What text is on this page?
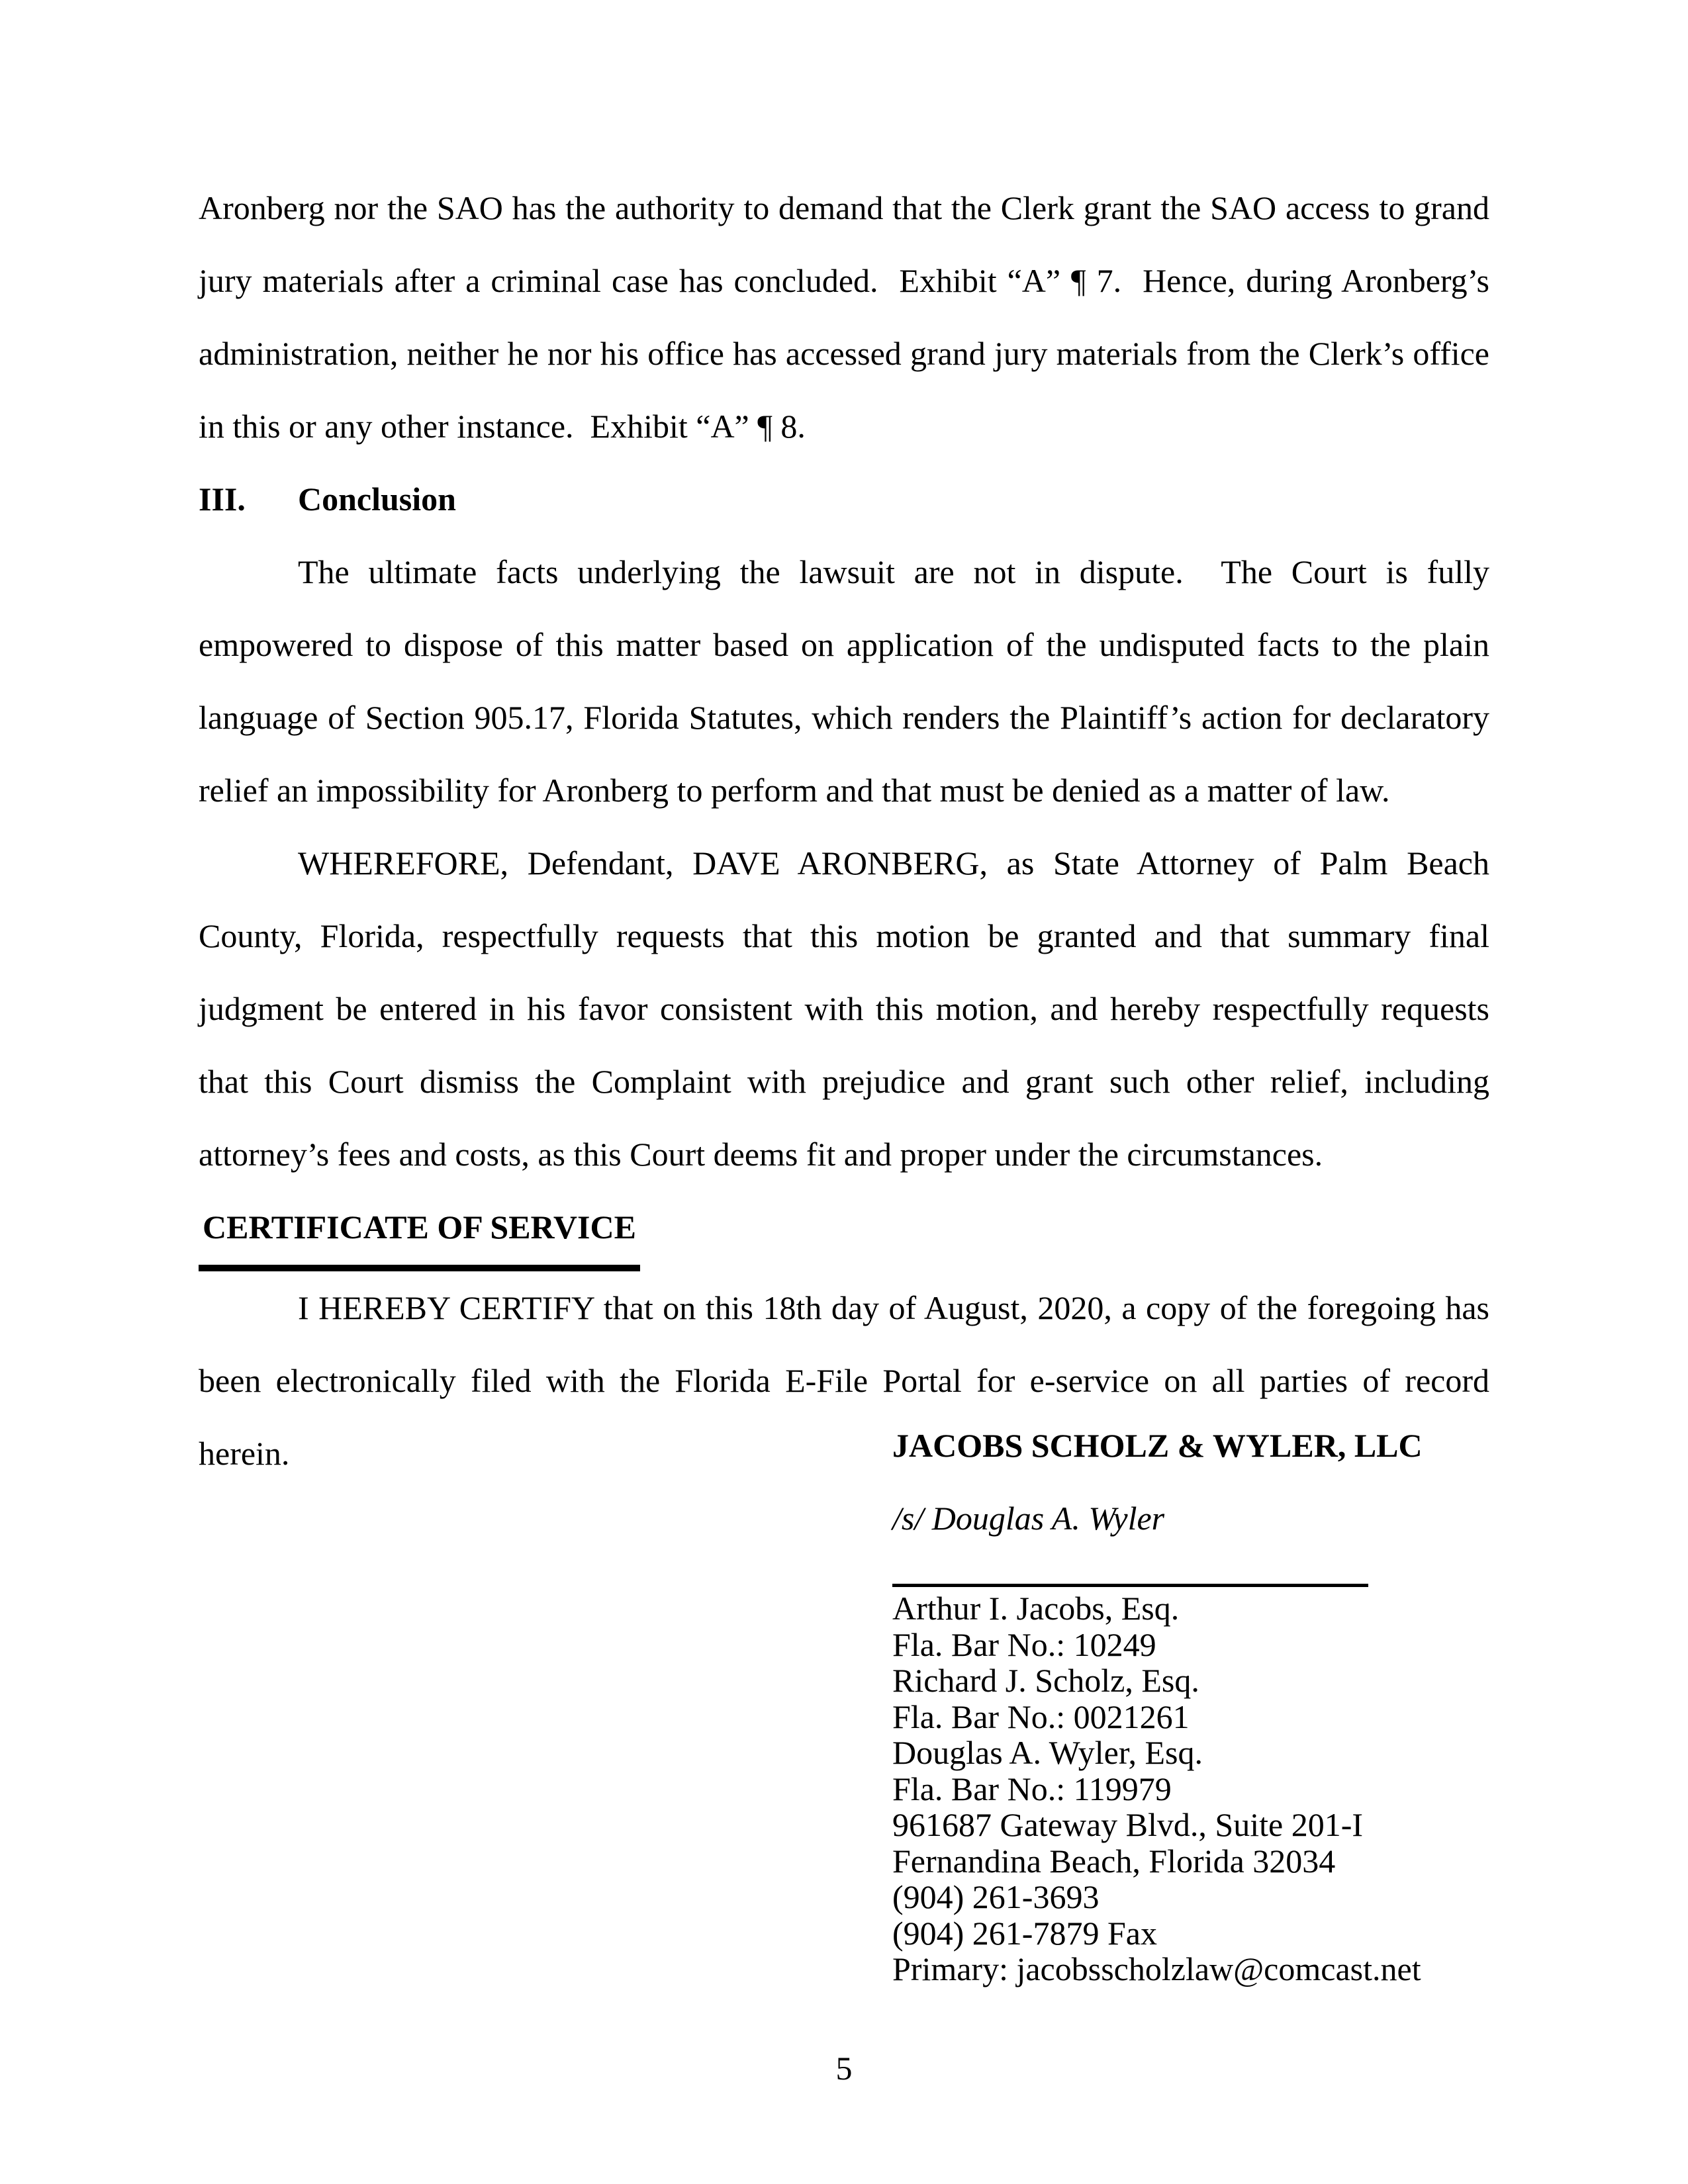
Aronberg nor the SAO has the authority to demand that the Clerk grant the SAO access to grand jury materials after a criminal case has concluded.  Exhibit “A” ¶ 7.  Hence, during Aronberg’s administration, neither he nor his office has accessed grand jury materials from the Clerk’s office in this or any other instance.  Exhibit “A” ¶ 8.

III. Conclusion

The ultimate facts underlying the lawsuit are not in dispute.  The Court is fully empowered to dispose of this matter based on application of the undisputed facts to the plain language of Section 905.17, Florida Statutes, which renders the Plaintiff’s action for declaratory relief an impossibility for Aronberg to perform and that must be denied as a matter of law.

WHEREFORE, Defendant, DAVE ARONBERG, as State Attorney of Palm Beach County, Florida, respectfully requests that this motion be granted and that summary final judgment be entered in his favor consistent with this motion, and hereby respectfully requests that this Court dismiss the Complaint with prejudice and grant such other relief, including attorney’s fees and costs, as this Court deems fit and proper under the circumstances.

CERTIFICATE OF SERVICE

I HEREBY CERTIFY that on this 18th day of August, 2020, a copy of the foregoing has been electronically filed with the Florida E-File Portal for e-service on all parties of record herein.	JACOBS SCHOLZ & WYLER, LLC
/s/ Douglas A. Wyler
Arthur I. Jacobs, Esq.
Fla. Bar No.: 10249
Richard J. Scholz, Esq.
Fla. Bar No.: 0021261
Douglas A. Wyler, Esq.
Fla. Bar No.: 119979
961687 Gateway Blvd., Suite 201-I
Fernandina Beach, Florida 32034
(904) 261-3693
(904) 261-7879 Fax
Primary: jacobsscholzlaw@comcast.net
5
